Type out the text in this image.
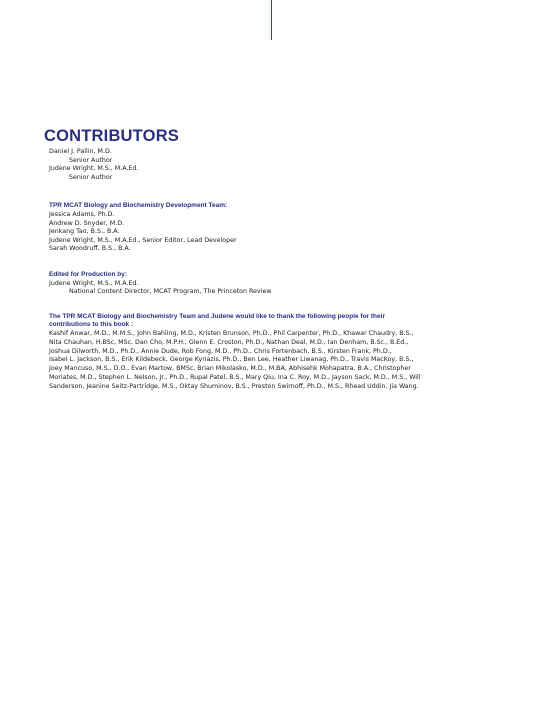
CONTRIBUTORS
Daniel J. Pallin, M.D.
Senior Author
Judene Wright, M.S., M.A.Ed.
Senior Author
TPR MCAT Biology and Biochemistry Development Team:
Jessica Adams, Ph.D.
Andrew D. Snyder, M.D.
Jenkang Tao, B.S., B.A.
Judene Wright, M.S., M.A.Ed., Senior Editor, Lead Developer
Sarah Woodruff, B.S., B.A.
Edited for Production by:
Judene Wright, M.S., M.A.Ed.
National Content Director, MCAT Program, The Princeton Review
The TPR MCAT Biology and Biochemistry Team and Judene would like to thank the following people for their
contributions to this book :
Kashif Anwar, M.D., M.M.S., John Bahling, M.D., Kristen Brunson, Ph.D., Phil Carpenter, Ph.D., Khawar Chaudry, B.S.,
Nita Chauhan, H.BSc, MSc, Dan Cho, M.P.H., Glenn E. Croston, Ph.D., Nathan Deal, M.D., Ian Denham, B.Sc., B.Ed.,
Joshua Dilworth, M.D., Ph.D., Annie Dude, Rob Fong, M.D., Ph.D., Chris Fortenbach, B.S., Kirsten Frank, Ph.D.,
Isabel L. Jackson, B.S., Erik Kildebeck, George Kyriazis, Ph.D., Ben Lee, Heather Liwanag, Ph.D., Travis MacKoy, B.S.,
Joey Mancuso, M.S., D.O., Evan Martow, BMSc, Brian Mikolasko, M.D., M.BA, Abhisehk Mohapatra, B.A., Christopher
Moriates, M.D., Stephen L. Nelson, Jr., Ph.D., Rupal Patel, B.S., Mary Qiu, Ina C. Roy, M.D., Jayson Sack, M.D., M.S., Will
Sanderson, Jeanine Seitz-Partridge, M.S., Oktay Shuminov, B.S., Preston Swirnoff, Ph.D., M.S., Rhead Uddin, Jia Wang.
